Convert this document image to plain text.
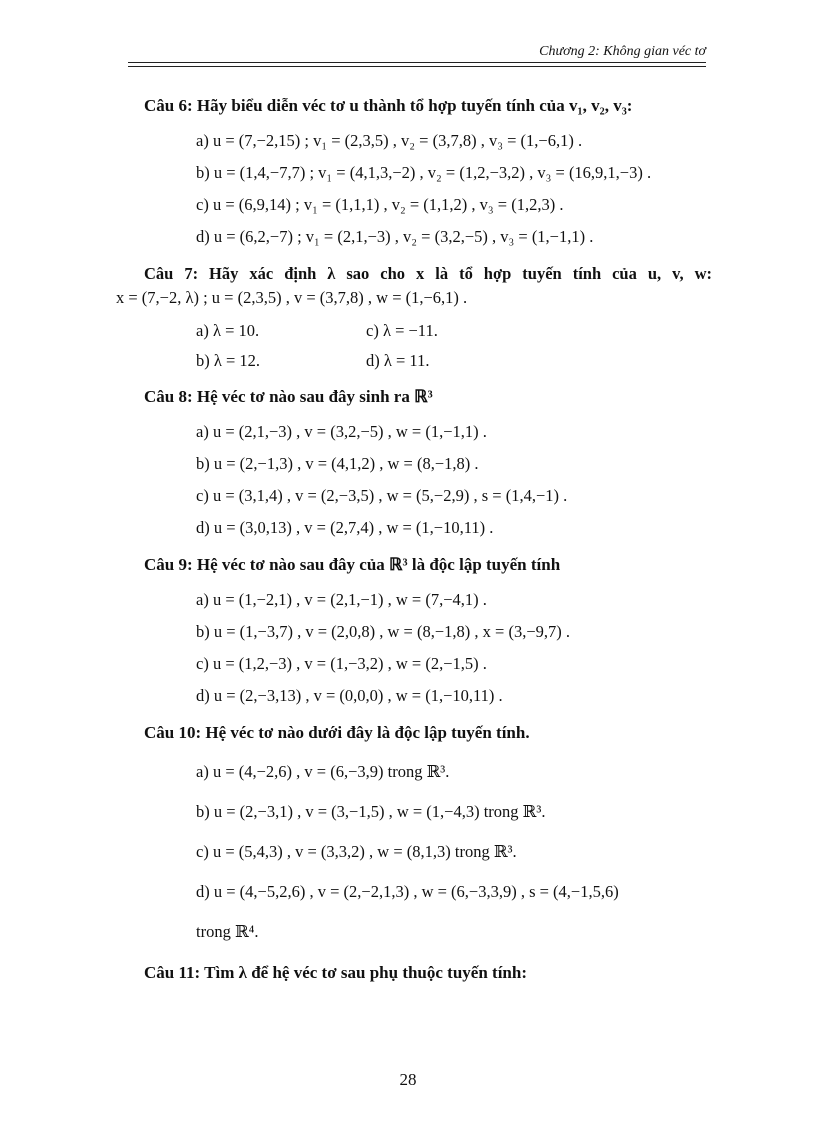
Chương 2: Không gian véc tơ
Câu 6: Hãy biểu diễn véc tơ u thành tổ hợp tuyến tính của v₁, v₂, v₃:
a) u = (7,−2,15) ; v₁ = (2,3,5) , v₂ = (3,7,8) , v₃ = (1,−6,1) .
b) u = (1,4,−7,7) ; v₁ = (4,1,3,−2) , v₂ = (1,2,−3,2) , v₃ = (16,9,1,−3) .
c) u = (6,9,14) ; v₁ = (1,1,1) , v₂ = (1,1,2) , v₃ = (1,2,3) .
d) u = (6,2,−7) ; v₁ = (2,1,−3) , v₂ = (3,2,−5) , v₃ = (1,−1,1) .
Câu 7: Hãy xác định λ sao cho x là tổ hợp tuyến tính của u, v, w:
x = (7,−2, λ) ; u = (2,3,5) , v = (3,7,8) , w = (1,−6,1) .
a) λ = 10.	c) λ = −11.
b) λ = 12.	d) λ = 11.
Câu 8: Hệ véc tơ nào sau đây sinh ra ℝ³
a) u = (2,1,−3) , v = (3,2,−5) , w = (1,−1,1) .
b) u = (2,−1,3) , v = (4,1,2) , w = (8,−1,8) .
c) u = (3,1,4) , v = (2,−3,5) , w = (5,−2,9) , s = (1,4,−1) .
d) u = (3,0,13) , v = (2,7,4) , w = (1,−10,11) .
Câu 9: Hệ véc tơ nào sau đây của ℝ³ là độc lập tuyến tính
a) u = (1,−2,1) , v = (2,1,−1) , w = (7,−4,1) .
b) u = (1,−3,7) , v = (2,0,8) , w = (8,−1,8) , x = (3,−9,7) .
c) u = (1,2,−3) , v = (1,−3,2) , w = (2,−1,5) .
d) u = (2,−3,13) , v = (0,0,0) , w = (1,−10,11) .
Câu 10: Hệ véc tơ nào dưới đây là độc lập tuyến tính.
a) u = (4,−2,6) , v = (6,−3,9) trong ℝ³.
b) u = (2,−3,1) , v = (3,−1,5) , w = (1,−4,3) trong ℝ³.
c) u = (5,4,3) , v = (3,3,2) , w = (8,1,3) trong ℝ³.
d) u = (4,−5,2,6) , v = (2,−2,1,3) , w = (6,−3,3,9) , s = (4,−1,5,6)
trong ℝ⁴.
Câu 11: Tìm λ để hệ véc tơ sau phụ thuộc tuyến tính:
28
